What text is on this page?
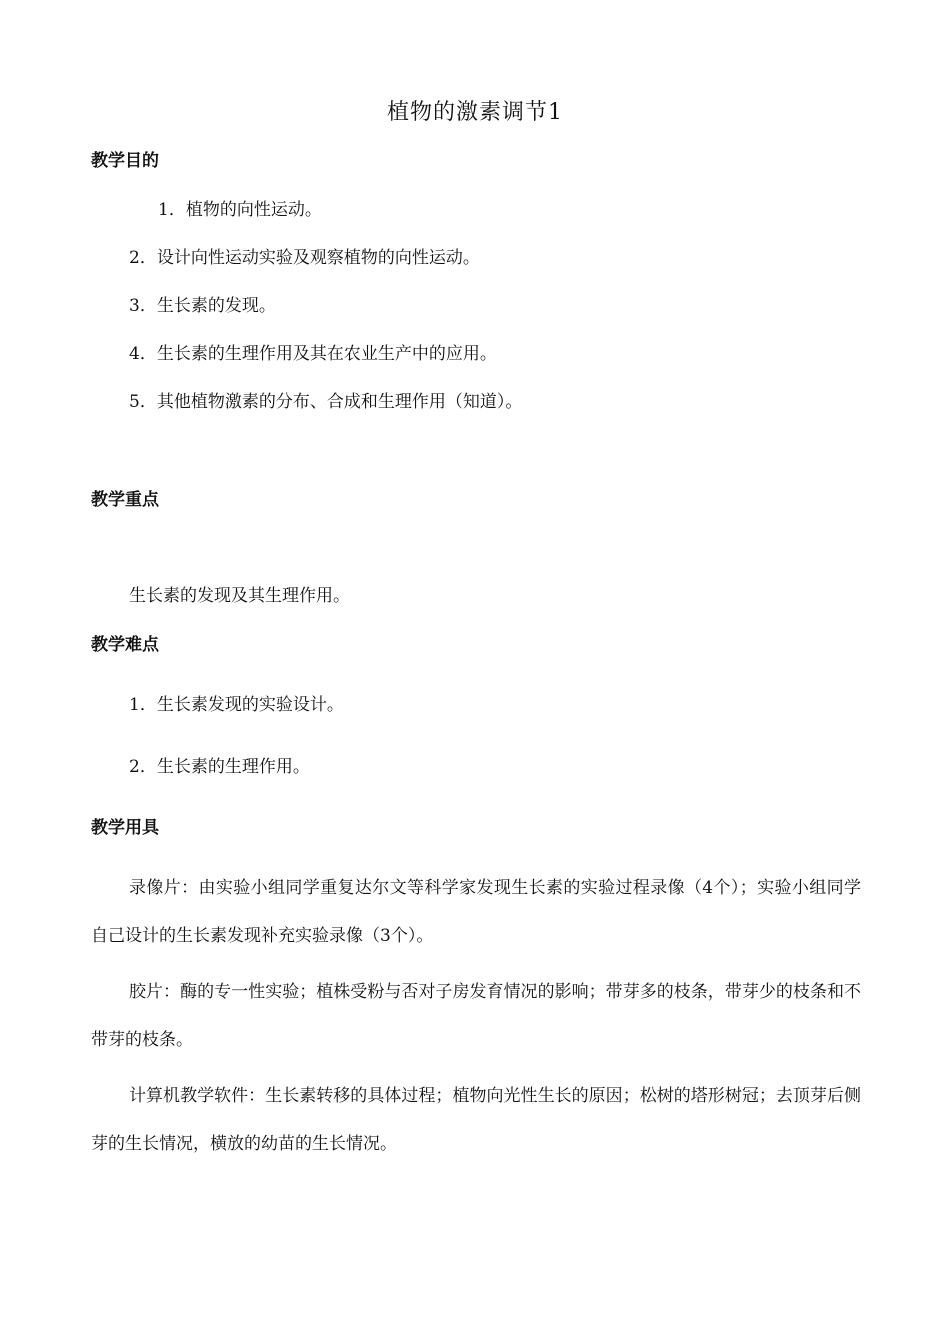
植物的激素调节1
教学目的
1．植物的向性运动。
2．设计向性运动实验及观察植物的向性运动。
3．生长素的发现。
4．生长素的生理作用及其在农业生产中的应用。
5．其他植物激素的分布、合成和生理作用（知道）。
教学重点
生长素的发现及其生理作用。
教学难点
1．生长素发现的实验设计。
2．生长素的生理作用。
教学用具
录像片：由实验小组同学重复达尔文等科学家发现生长素的实验过程录像（4个）；实验小组同学自己设计的生长素发现补充实验录像（3个）。
胶片：酶的专一性实验；植株受粉与否对子房发育情况的影响；带芽多的枝条，带芽少的枝条和不带芽的枝条。
计算机教学软件：生长素转移的具体过程；植物向光性生长的原因；松树的塔形树冠；去顶芽后侧芽的生长情况，横放的幼苗的生长情况。
